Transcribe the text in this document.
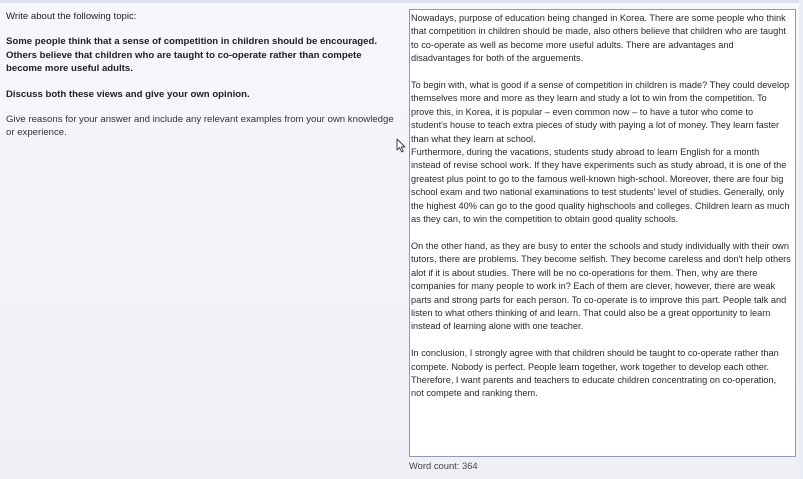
Write about the following topic:

Some people think that a sense of competition in children should be encouraged. Others believe that children who are taught to co-operate rather than compete become more useful adults.

Discuss both these views and give your own opinion.

Give reasons for your answer and include any relevant examples from your own knowledge or experience.

Nowadays, purpose of education being changed in Korea. There are some people who think that competition in children should be made, also others believe that children who are taught to co-operate as well as become more useful adults. There are advantages and disadvantages for both of the arguements.

To begin with, what is good if a sense of competition in children is made? They could develop themselves more and more as they learn and study a lot to win from the competition. To prove this, in Korea, it is popular – even common now – to have a tutor who come to student's house to teach extra pieces of study with paying a lot of money. They learn faster than what they learn at school.

Furthermore, during the vacations, students study abroad to learn English for a month instead of revise school work. If they have experiments such as study abroad, it is one of the greatest plus point to go to the famous well-known high-school. Moreover, there are four big school exam and two national examinations to test students' level of studies. Generally, only the highest 40% can go to the good quality highschools and colleges. Children learn as much as they can, to win the competition to obtain good quality schools.

On the other hand, as they are busy to enter the schools and study individually with their own tutors, there are problems. They become selfish. They become careless and don't help others alot if it is about studies. There will be no co-operations for them. Then, why are there companies for many people to work in? Each of them are clever, however, there are weak parts and strong parts for each person. To co-operate is to improve this part. People talk and listen to what others thinking of and learn. That could also be a great opportunity to learn instead of learning alone with one teacher.

In conclusion, I strongly agree with that children should be taught to co-operate rather than compete. Nobody is perfect. People learn together, work together to develop each other. Therefore, I want parents and teachers to educate children concentrating on co-operation, not compete and ranking them.

Word count: 364
